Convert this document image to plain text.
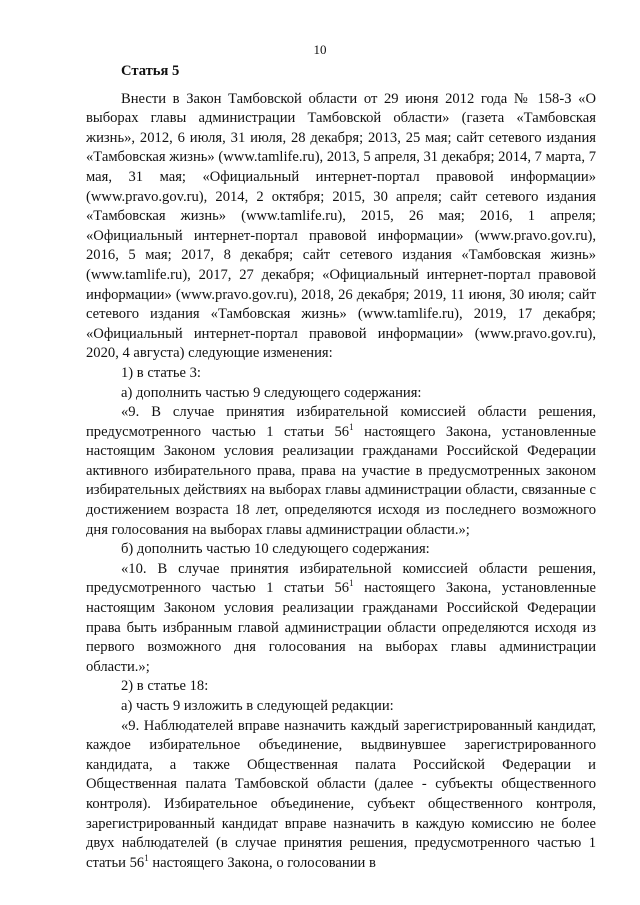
10
Статья 5

Внести в Закон Тамбовской области от 29 июня 2012 года № 158-З «О выборах главы администрации Тамбовской области» (газета «Тамбовская жизнь», 2012, 6 июля, 31 июля, 28 декабря; 2013, 25 мая; сайт сетевого издания «Тамбовская жизнь» (www.tamlife.ru), 2013, 5 апреля, 31 декабря; 2014, 7 марта, 7 мая, 31 мая; «Официальный интернет-портал правовой информации» (www.pravo.gov.ru), 2014, 2 октября; 2015, 30 апреля; сайт сетевого издания «Тамбовская жизнь» (www.tamlife.ru), 2015, 26 мая; 2016, 1 апреля; «Официальный интернет-портал правовой информации» (www.pravo.gov.ru), 2016, 5 мая; 2017, 8 декабря; сайт сетевого издания «Тамбовская жизнь» (www.tamlife.ru), 2017, 27 декабря; «Официальный интернет-портал правовой информации» (www.pravo.gov.ru), 2018, 26 декабря; 2019, 11 июня, 30 июля; сайт сетевого издания «Тамбовская жизнь» (www.tamlife.ru), 2019, 17 декабря; «Официальный интернет-портал правовой информации» (www.pravo.gov.ru), 2020, 4 августа) следующие изменения:

1) в статье 3:

а) дополнить частью 9 следующего содержания:

«9. В случае принятия избирательной комиссией области решения, предусмотренного частью 1 статьи $56^1$ настоящего Закона, установленные настоящим Законом условия реализации гражданами Российской Федерации активного избирательного права, права на участие в предусмотренных законом избирательных действиях на выборах главы администрации области, связанные с достижением возраста 18 лет, определяются исходя из последнего возможного дня голосования на выборах главы администрации области.»;

б) дополнить частью 10 следующего содержания:

«10. В случае принятия избирательной комиссией области решения, предусмотренного частью 1 статьи $56^1$ настоящего Закона, установленные настоящим Законом условия реализации гражданами Российской Федерации права быть избранным главой администрации области определяются исходя из первого возможного дня голосования на выборах главы администрации области.»;

2) в статье 18:

а) часть 9 изложить в следующей редакции:

«9. Наблюдателей вправе назначить каждый зарегистрированный кандидат, каждое избирательное объединение, выдвинувшее зарегистрированного кандидата, а также Общественная палата Российской Федерации и Общественная палата Тамбовской области (далее - субъекты общественного контроля). Избирательное объединение, субъект общественного контроля, зарегистрированный кандидат вправе назначить в каждую комиссию не более двух наблюдателей (в случае принятия решения, предусмотренного частью 1 статьи $56^1$ настоящего Закона, о голосовании в
